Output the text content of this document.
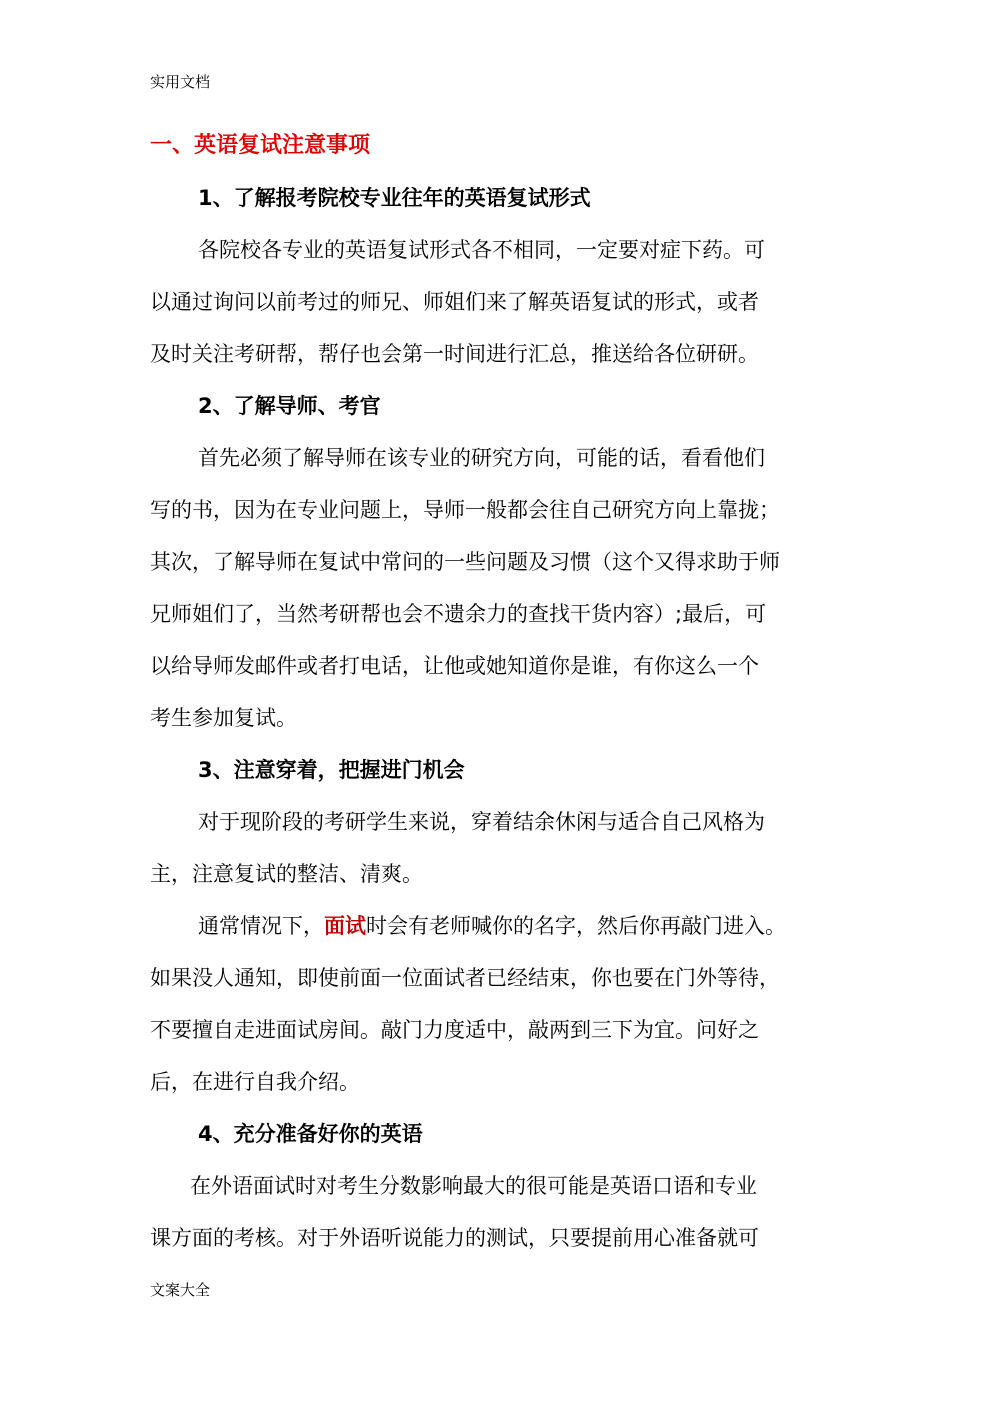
实用文档
一、英语复试注意事项
1、了解报考院校专业往年的英语复试形式
各院校各专业的英语复试形式各不相同，一定要对症下药。可
以通过询问以前考过的师兄、师姐们来了解英语复试的形式，或者
及时关注考研帮，帮仔也会第一时间进行汇总，推送给各位研研。
2、了解导师、考官
首先必须了解导师在该专业的研究方向，可能的话，看看他们
写的书，因为在专业问题上，导师一般都会往自己研究方向上靠拢；
其次，了解导师在复试中常问的一些问题及习惯（这个又得求助于师
兄师姐们了，当然考研帮也会不遗余力的查找干货内容）;最后，可
以给导师发邮件或者打电话，让他或她知道你是谁，有你这么一个
考生参加复试。
3、注意穿着，把握进门机会
对于现阶段的考研学生来说，穿着结余休闲与适合自己风格为
主，注意复试的整洁、清爽。
通常情况下，面试时会有老师喊你的名字，然后你再敲门进入。
如果没人通知，即使前面一位面试者已经结束，你也要在门外等待，
不要擅自走进面试房间。敲门力度适中，敲两到三下为宜。问好之
后，在进行自我介绍。
4、充分准备好你的英语
在外语面试时对考生分数影响最大的很可能是英语口语和专业
课方面的考核。对于外语听说能力的测试，只要提前用心准备就可
文案大全
